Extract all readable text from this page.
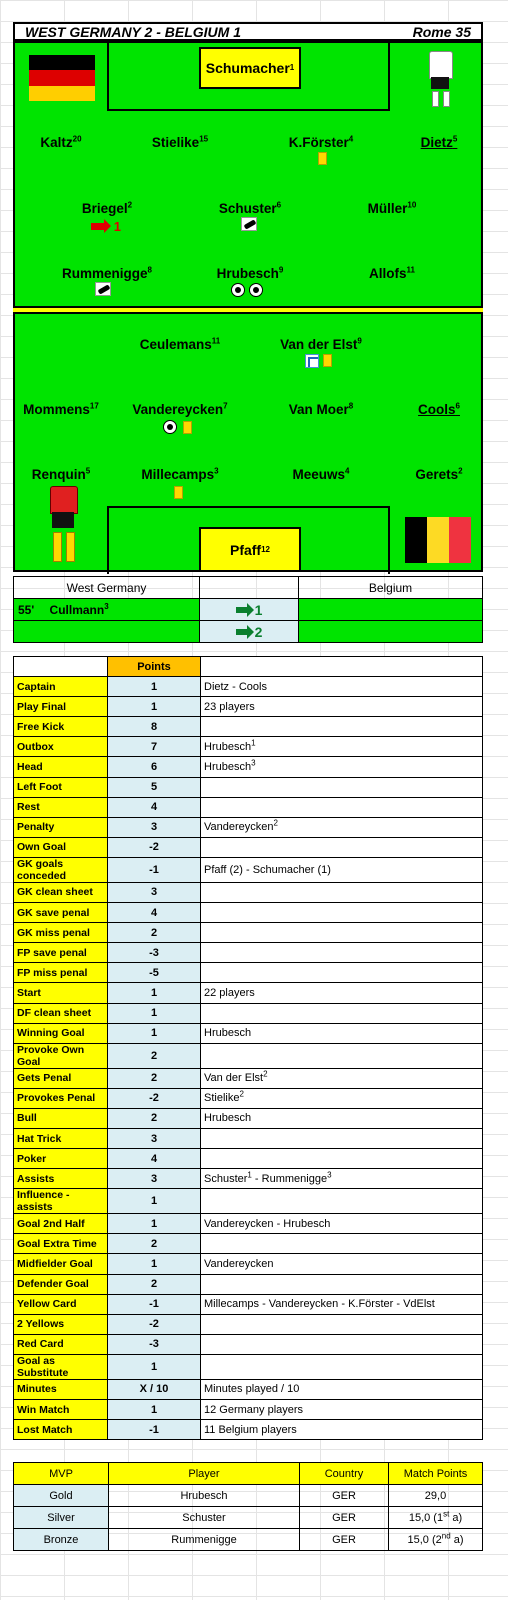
WEST GERMANY 2 - BELGIUM 1	Rome 35
Schumacher 1
Kaltz$^{20}$	Stielike$^{15}$	K.Förster$^4$	Dietz$^5$
Briegel$^2$
1
Schuster$^6$	Müller$^{10}$
Rummenigge$^8$	Hrubesch$^9$	Allofs$^{11}$
Ceulemans$^{11}$	Van der Elst$^9$
Mommens$^{17}$ Vandereycken$^7$	Van Moer$^8$	Cools$^6$
Renquin$^5$	Millecamps$^3$	Meeuws$^4$	Gerets$^2$
Pfaff 12
West Germany		Belgium
55' Cullmann$^3$	1	

	2	

	Points	
Captain	1	Dietz - Cools
Play Final	1	23 players
Free Kick	8	
Outbox	7	Hrubesch$^1$
Head	6	Hrubesch$^3$
Left Foot	5	
Rest	4	
Penalty	3	Vandereycken$^2$
Own Goal	-2	
GK goals conceded	-1	Pfaff (2) - Schumacher (1)
GK clean sheet	3	
GK save penal	4	
GK miss penal	2	
FP save penal	-3	
FP miss penal	-5	
Start	1	22 players
DF clean sheet	1	
Winning Goal	1	Hrubesch
Provoke Own Goal	2	
Gets Penal	2	Van der Elst$^2$
Provokes Penal	-2	Stielike$^2$
Bull	2	Hrubesch
Hat Trick	3	
Poker	4	
Assists	3	Schuster$^1$ - Rummenigge$^3$
Influence - assists	1	
Goal 2nd Half	1	Vandereycken - Hrubesch
Goal Extra Time	2	
Midfielder Goal	1	Vandereycken
Defender Goal	2	
Yellow Card	-1	Millecamps - Vandereycken - K.Förster - VdElst
2 Yellows	-2	
Red Card	-3	
Goal as Substitute	1	
Minutes	X / 10	Minutes played / 10
Win Match	1	12 Germany players
Lost Match	-1	11 Belgium players
MVP	Player	Country	Match Points
Gold	Hrubesch	GER	29,0
Silver	Schuster	GER	15,0 (1st a)
Bronze	Rummenigge	GER	15,0 (2nd a)
